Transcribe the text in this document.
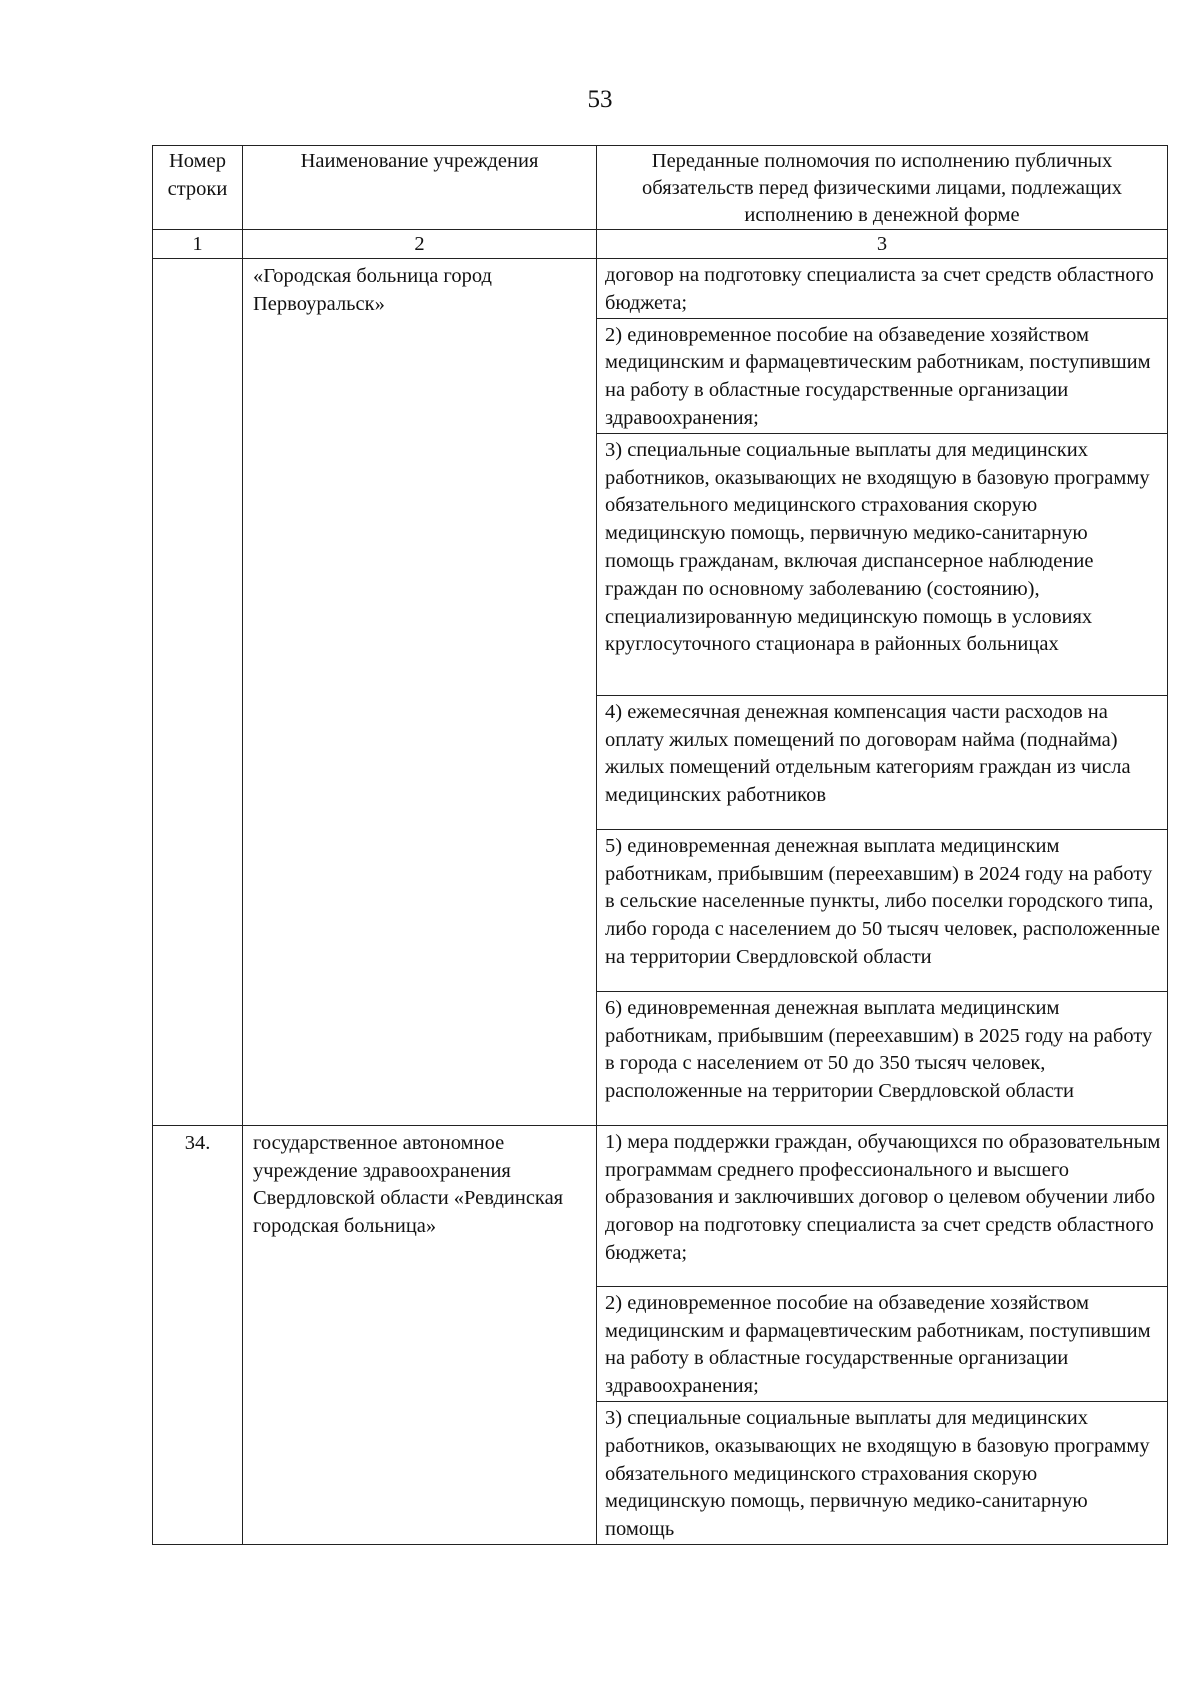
53
Номер строки	Наименование учреждения	Переданные полномочия по исполнению публичных обязательств перед физическими лицами, подлежащих исполнению в денежной форме
1	2	3
	«Городская больница город Первоуральск»	договор на подготовку специалиста за счет средств областного бюджета;
		2) единовременное пособие на обзаведение хозяйством медицинским и фармацевтическим работникам, поступившим на работу в областные государственные организации здравоохранения;
		3) специальные социальные выплаты для медицинских работников, оказывающих не входящую в базовую программу обязательного медицинского страхования скорую медицинскую помощь, первичную медико-санитарную помощь гражданам, включая диспансерное наблюдение граждан по основному заболеванию (состоянию), специализированную медицинскую помощь в условиях круглосуточного стационара в районных больницах
		4) ежемесячная денежная компенсация части расходов на оплату жилых помещений по договорам найма (поднайма) жилых помещений отдельным категориям граждан из числа медицинских работников
		5) единовременная денежная выплата медицинским работникам, прибывшим (переехавшим) в 2024 году на работу в сельские населенные пункты, либо поселки городского типа, либо города с населением до 50 тысяч человек, расположенные на территории Свердловской области
		6) единовременная денежная выплата медицинским работникам, прибывшим (переехавшим) в 2025 году на работу в города с населением от 50 до 350 тысяч человек, расположенные на территории Свердловской области
34.	государственное автономное учреждение здравоохранения Свердловской области «Ревдинская городская больница»	1) мера поддержки граждан, обучающихся по образовательным программам среднего профессионального и высшего образования и заключивших договор о целевом обучении либо договор на подготовку специалиста за счет средств областного бюджета;
		2) единовременное пособие на обзаведение хозяйством медицинским и фармацевтическим работникам, поступившим на работу в областные государственные организации здравоохранения;
		3) специальные социальные выплаты для медицинских работников, оказывающих не входящую в базовую программу обязательного медицинского страхования скорую медицинскую помощь, первичную медико-санитарную помощь
